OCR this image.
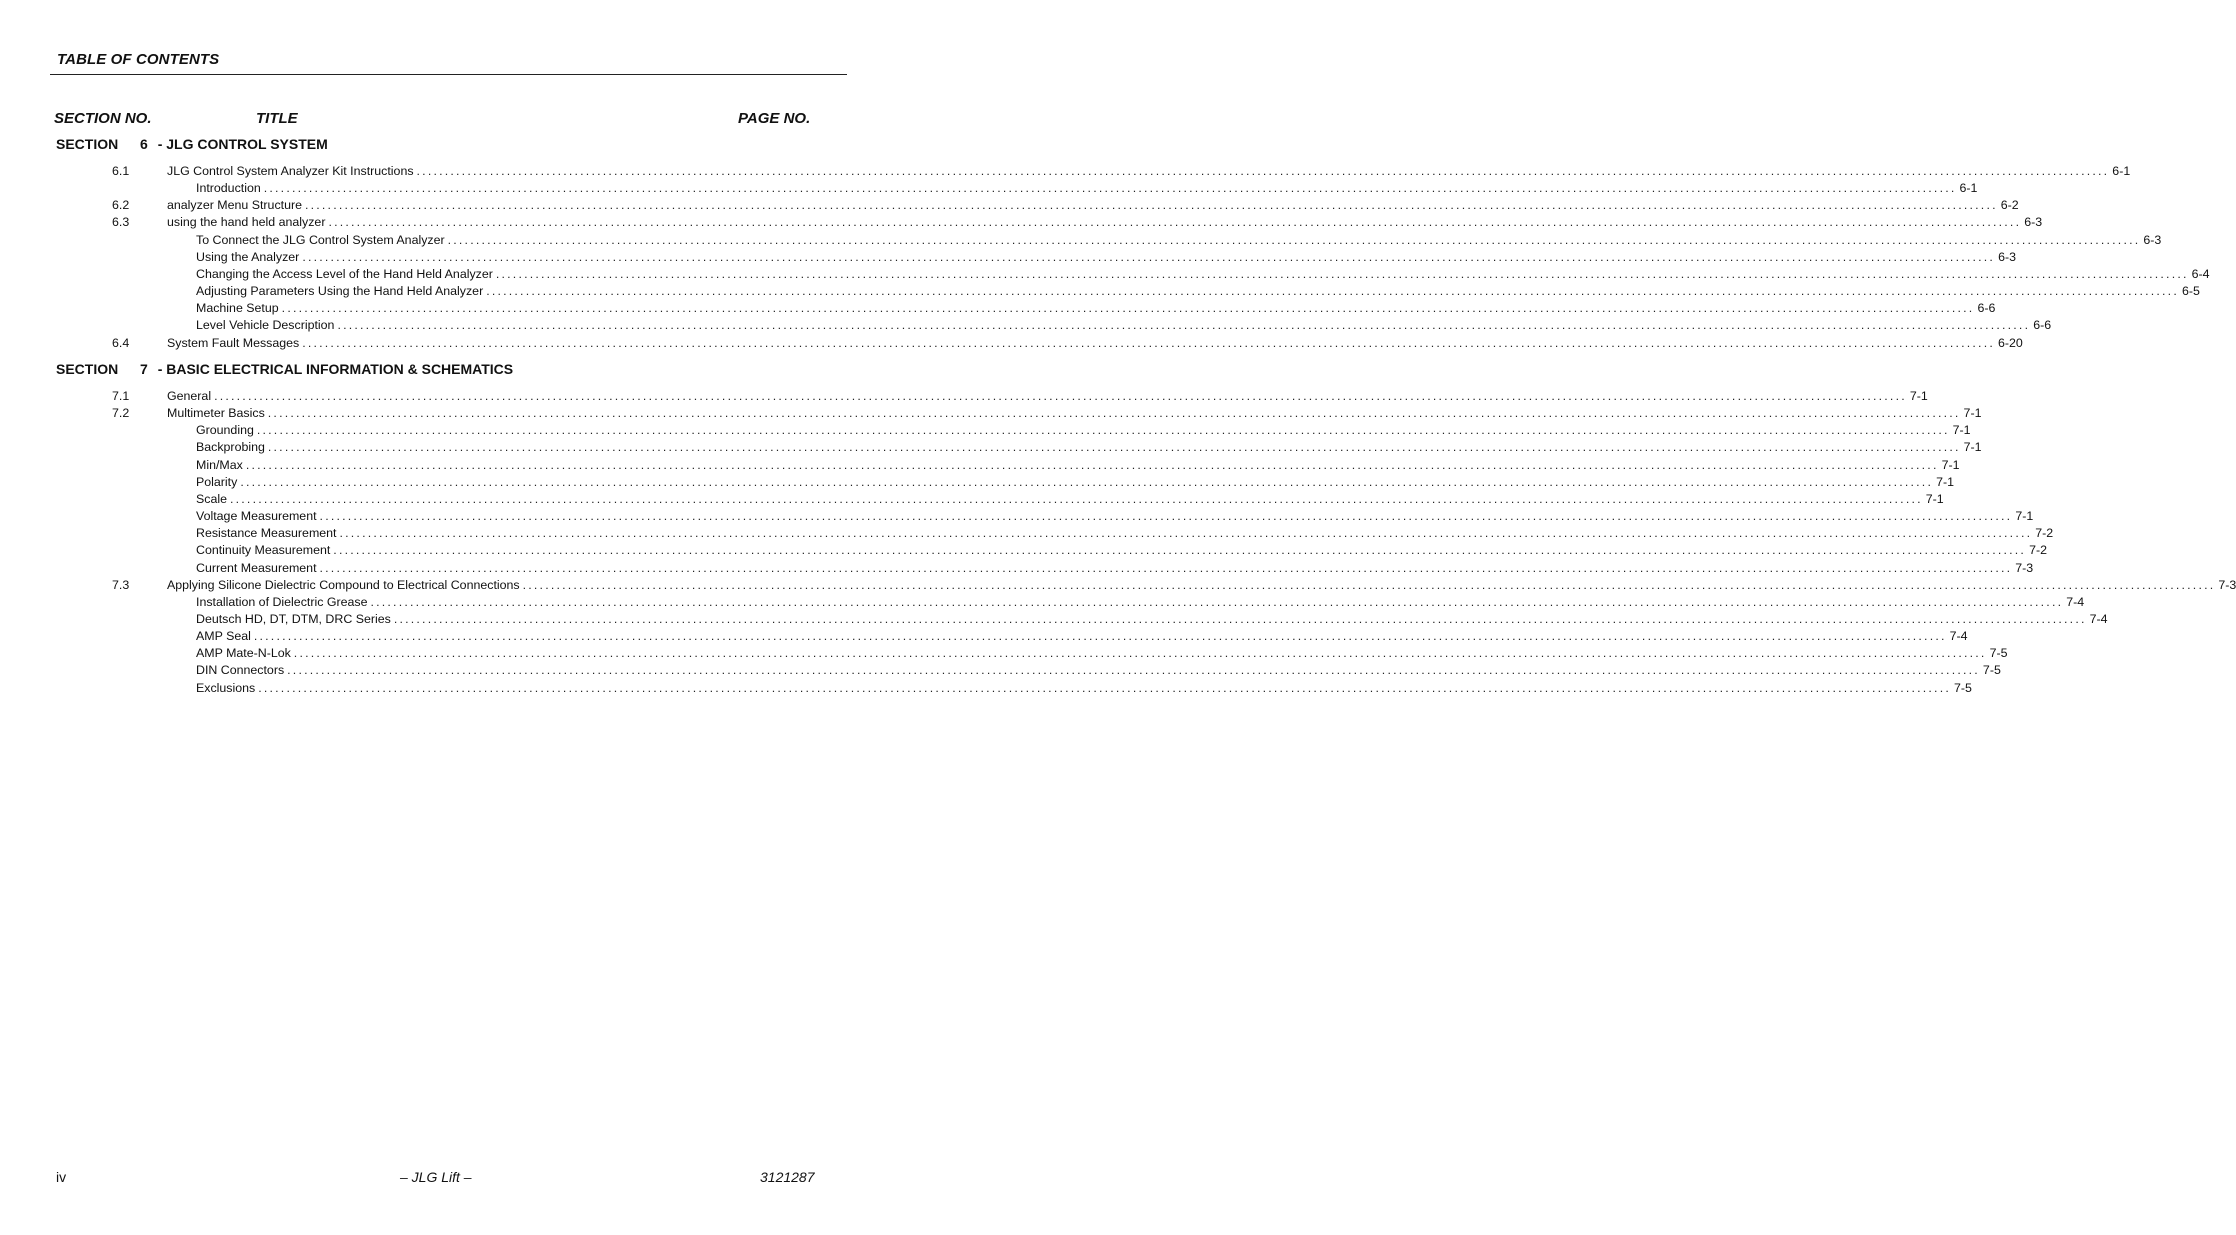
TABLE OF CONTENTS
SECTION NO.	TITLE	PAGE NO.
SECTION 6 - JLG CONTROL SYSTEM
6.1	JLG Control System Analyzer Kit Instructions ............................................................................................................................................................................................................................................................................................................ 6-1
Introduction ............................................................................................................................................................................................................................................................................................................ 6-1
6.2	analyzer Menu Structure ............................................................................................................................................................................................................................................................................................................ 6-2
6.3	using the hand held analyzer ............................................................................................................................................................................................................................................................................................................ 6-3
To Connect the JLG Control System Analyzer ............................................................................................................................................................................................................................................................................................................ 6-3
Using the Analyzer ............................................................................................................................................................................................................................................................................................................ 6-3
Changing the Access Level of the Hand Held Analyzer ............................................................................................................................................................................................................................................................................................................ 6-4
Adjusting Parameters Using the Hand Held Analyzer ............................................................................................................................................................................................................................................................................................................ 6-5
Machine Setup ............................................................................................................................................................................................................................................................................................................ 6-6
Level Vehicle Description ............................................................................................................................................................................................................................................................................................................ 6-6
6.4	System Fault Messages ............................................................................................................................................................................................................................................................................................................ 6-20
SECTION 7 - BASIC ELECTRICAL INFORMATION & SCHEMATICS
7.1	General ............................................................................................................................................................................................................................................................................................................ 7-1
7.2	Multimeter Basics ............................................................................................................................................................................................................................................................................................................ 7-1
Grounding ............................................................................................................................................................................................................................................................................................................ 7-1
Backprobing ............................................................................................................................................................................................................................................................................................................ 7-1
Min/Max ............................................................................................................................................................................................................................................................................................................ 7-1
Polarity ............................................................................................................................................................................................................................................................................................................ 7-1
Scale ............................................................................................................................................................................................................................................................................................................ 7-1
Voltage Measurement ............................................................................................................................................................................................................................................................................................................ 7-1
Resistance Measurement ............................................................................................................................................................................................................................................................................................................ 7-2
Continuity Measurement ............................................................................................................................................................................................................................................................................................................ 7-2
Current Measurement ............................................................................................................................................................................................................................................................................................................ 7-3
7.3	Applying Silicone Dielectric Compound to Electrical Connections ............................................................................................................................................................................................................................................................................................................ 7-3
Installation of Dielectric Grease ............................................................................................................................................................................................................................................................................................................ 7-4
Deutsch HD, DT, DTM, DRC Series ............................................................................................................................................................................................................................................................................................................ 7-4
AMP Seal ............................................................................................................................................................................................................................................................................................................ 7-4
AMP Mate-N-Lok ............................................................................................................................................................................................................................................................................................................ 7-5
DIN Connectors ............................................................................................................................................................................................................................................................................................................ 7-5
Exclusions ............................................................................................................................................................................................................................................................................................................ 7-5
iv	– JLG Lift –	3121287
